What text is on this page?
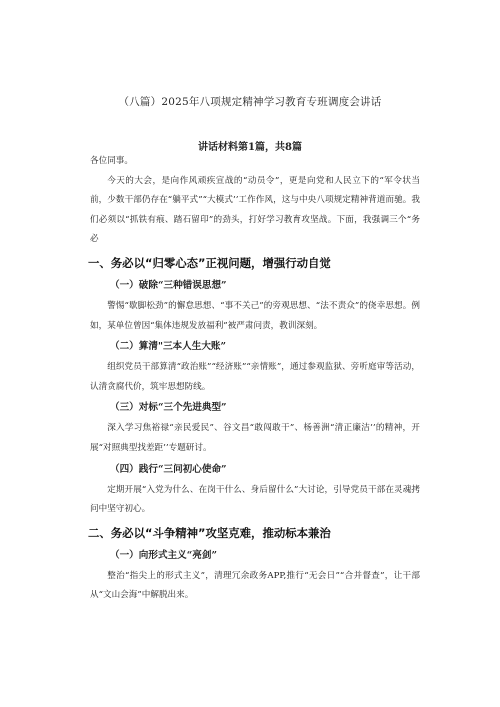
（八篇）2025年八项规定精神学习教育专班调度会讲话
讲话材料第1篇，共8篇

各位同事。

今天的大会，是向作风顽疾宣战的“动员令”，更是向党和人民立下的“军令状当前，少数干部仍存在“躺平式”“大模式’’工作作风，这与中央八项规定精神背道而驰。我们必须以“抓铁有痕、踏石留印”的劲头，打好学习教育攻坚战。下面，我强调三个“务必

一、务必以“归零心态”正视问题，增强行动自觉
（一）破除“三种错误思想”

警惕“歇脚松劲”的懈怠思想、“事不关己”的旁观思想、“法不责众”的侥幸思想。例如，某单位曾因“集体违规发放福利”被严肃问责，教训深刻。

（二）算清"三本人生大账”

组织党员干部算清“政治账”“经济账”“亲情账”，通过参观监狱、旁听庭审等活动，认清贪腐代价，筑牢思想防线。

（三）对标“三个先进典型”

深入学习焦裕禄“亲民爱民”、谷文昌“敢闯敢干”、杨善洲“清正廉洁’’的精神，开展“对照典型找差距’’专题研讨。

（四）践行“三问初心使命”

定期开展“入党为什么、在岗干什么、身后留什么”大讨论，引导党员干部在灵魂拷问中坚守初心。

二、务必以“斗争精神”攻坚克难，推动标本兼治
（一）向形式主义“亮剑”

整治“指尖上的形式主义”，清理冗余政务APP,推行“无会日”“合并督查”，让干部从“文山会海”中解脱出来。
